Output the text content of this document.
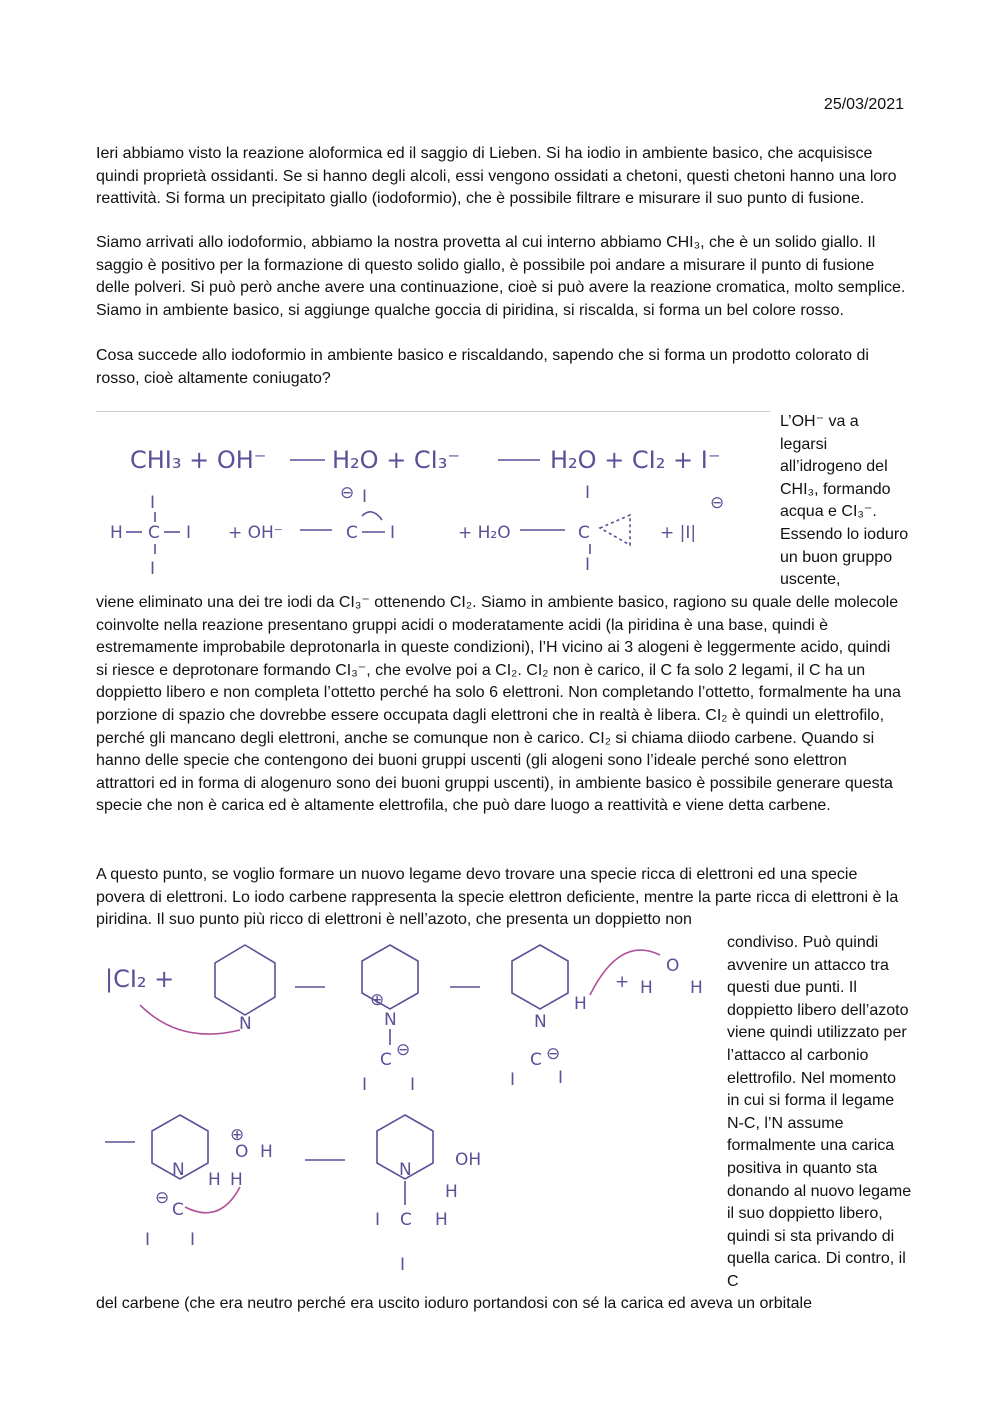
25/03/2021

Ieri abbiamo visto la reazione aloformica ed il saggio di Lieben. Si ha iodio in ambiente basico, che acquisisce quindi proprietà ossidanti. Se si hanno degli alcoli, essi vengono ossidati a chetoni, questi chetoni hanno una loro reattività. Si forma un precipitato giallo (iodoformio), che è possibile filtrare e misurare il suo punto di fusione.

Siamo arrivati allo iodoformio, abbiamo la nostra provetta al cui interno abbiamo CHI₃, che è un solido giallo. Il saggio è positivo per la formazione di questo solido giallo, è possibile poi andare a misurare il punto di fusione delle polveri. Si può però anche avere una continuazione, cioè si può avere la reazione cromatica, molto semplice. Siamo in ambiente basico, si aggiunge qualche goccia di piridina, si riscalda, si forma un bel colore rosso.

Cosa succede allo iodoformio in ambiente basico e riscaldando, sapendo che si forma un prodotto colorato di rosso, cioè altamente coniugato?

CHI₃ + OH⁻	H₂O + CI₃⁻	H₂O + CI₂ + I⁻
I
H C I
I
+ OH⁻
⊖ I
C I	+ H₂O
I
C
I
+ |I|
⊖

L’OH⁻ va a legarsi all’idrogeno del CHI₃, formando acqua e CI₃⁻. Essendo lo ioduro un buon gruppo uscente,

viene eliminato una dei tre iodi da CI₃⁻ ottenendo CI₂. Siamo in ambiente basico, ragiono su quale delle molecole coinvolte nella reazione presentano gruppi acidi o moderatamente acidi (la piridina è una base, quindi è estremamente improbabile deprotonarla in queste condizioni), l’H vicino ai 3 alogeni è leggermente acido, quindi si riesce e deprotonare formando CI₃⁻, che evolve poi a CI₂. CI₂ non è carico, il C fa solo 2 legami, il C ha un doppietto libero e non completa l’ottetto perché ha solo 6 elettroni. Non completando l’ottetto, formalmente ha una porzione di spazio che dovrebbe essere occupata dagli elettroni che in realtà è libera. CI₂ è quindi un elettrofilo, perché gli mancano degli elettroni, anche se comunque non è carico. CI₂ si chiama diiodo carbene. Quando si hanno delle specie che contengono dei buoni gruppi uscenti (gli alogeni sono l’ideale perché sono elettron attrattori ed in forma di alogenuro sono dei buoni gruppi uscenti), in ambiente basico è possibile generare questa specie che non è carica ed è altamente elettrofila, che può dare luogo a reattività e viene detta carbene.

A questo punto, se voglio formare un nuovo legame devo trovare una specie ricca di elettroni ed una specie povera di elettroni. Lo iodo carbene rappresenta la specie elettron deficiente, mentre la parte ricca di elettroni è la piridina. Il suo punto più ricco di elettroni è nell’azoto, che presenta un doppietto non

|CI₂ +
N
⊕
N
C ⊖
I	I
N
H
C ⊖
I	I
+ H
O
H
N H
⊕
O H
H
⊖
C
I I
N	OH
H
I C H
I

condiviso. Può quindi avvenire un attacco tra questi due punti. Il doppietto libero dell’azoto viene quindi utilizzato per l’attacco al carbonio elettrofilo. Nel momento in cui si forma il legame N-C, l’N assume formalmente una carica positiva in quanto sta donando al nuovo legame il suo doppietto libero, quindi si sta privando di quella carica. Di contro, il C

del carbene (che era neutro perché era uscito ioduro portandosi con sé la carica ed aveva un orbitale
